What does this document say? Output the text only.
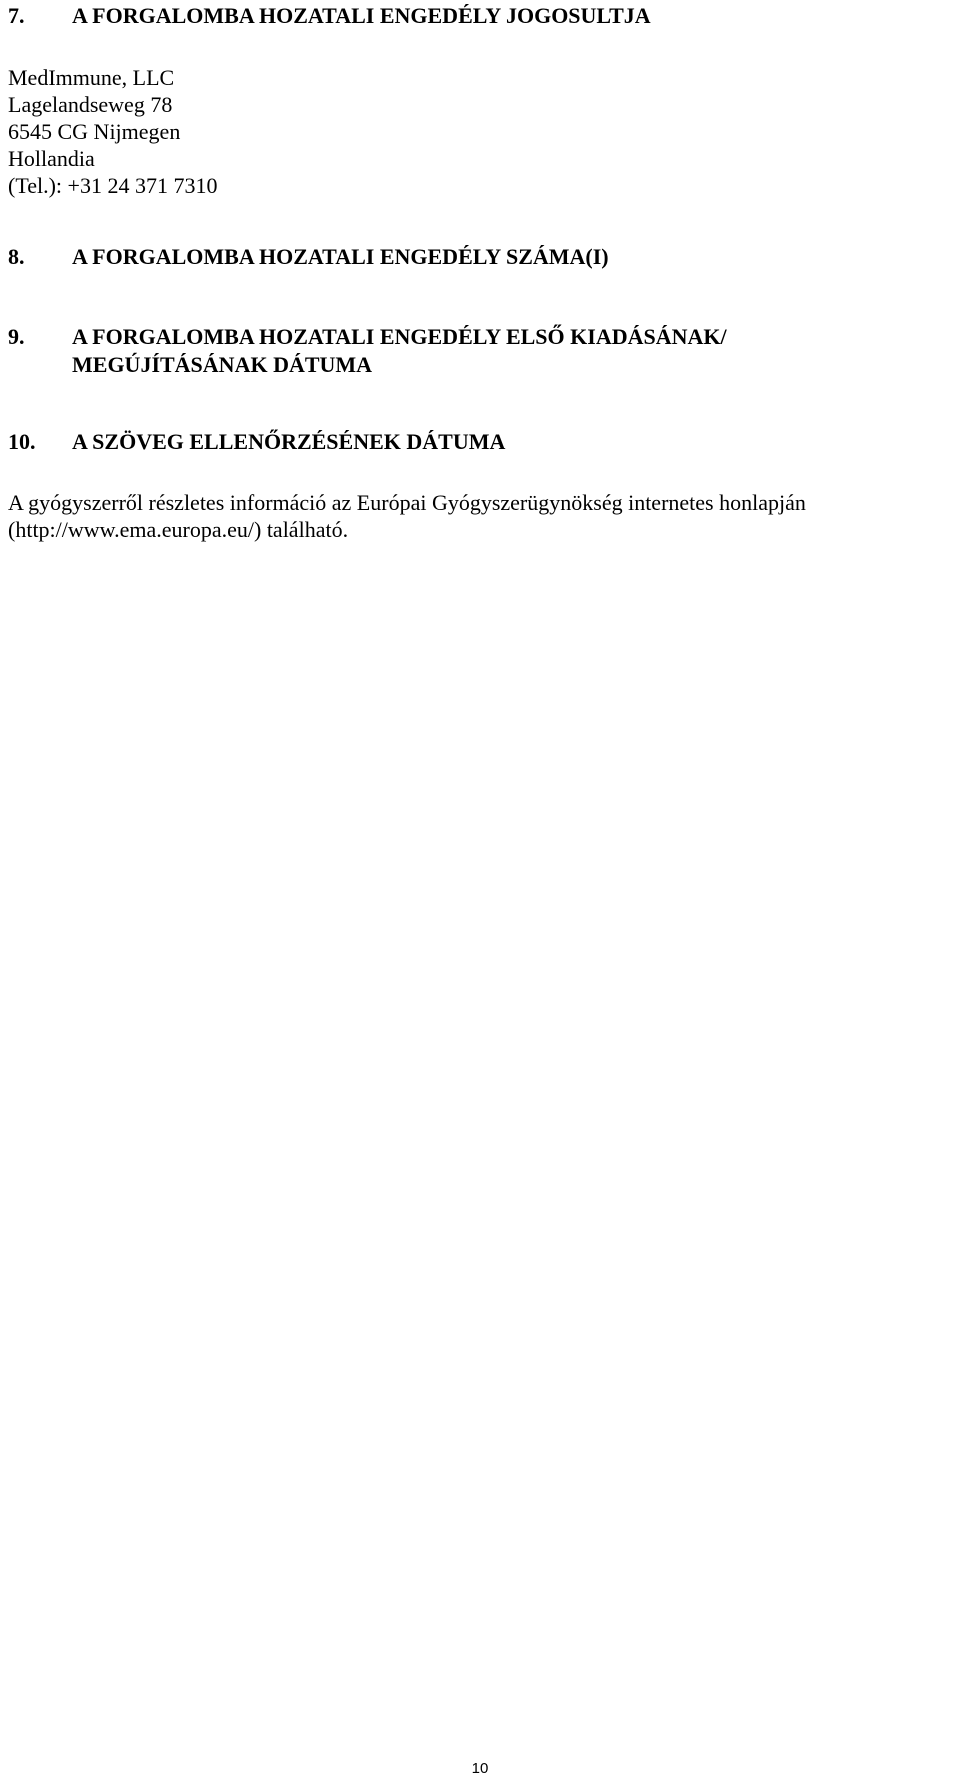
7. A FORGALOMBA HOZATALI ENGEDÉLY JOGOSULTJA

MedImmune, LLC

Lagelandseweg 78

6545 CG Nijmegen

Hollandia

(Tel.): +31 24 371 7310

8. A FORGALOMBA HOZATALI ENGEDÉLY SZÁMA(I)
9. A FORGALOMBA HOZATALI ENGEDÉLY ELSŐ KIADÁSÁNAK/
MEGÚJÍTÁSÁNAK DÁTUMA
10. A SZÖVEG ELLENŐRZÉSÉNEK DÁTUMA

A gyógyszerről részletes információ az Európai Gyógyszerügynökség internetes honlapján

(http://www.ema.europa.eu/) található.

10
